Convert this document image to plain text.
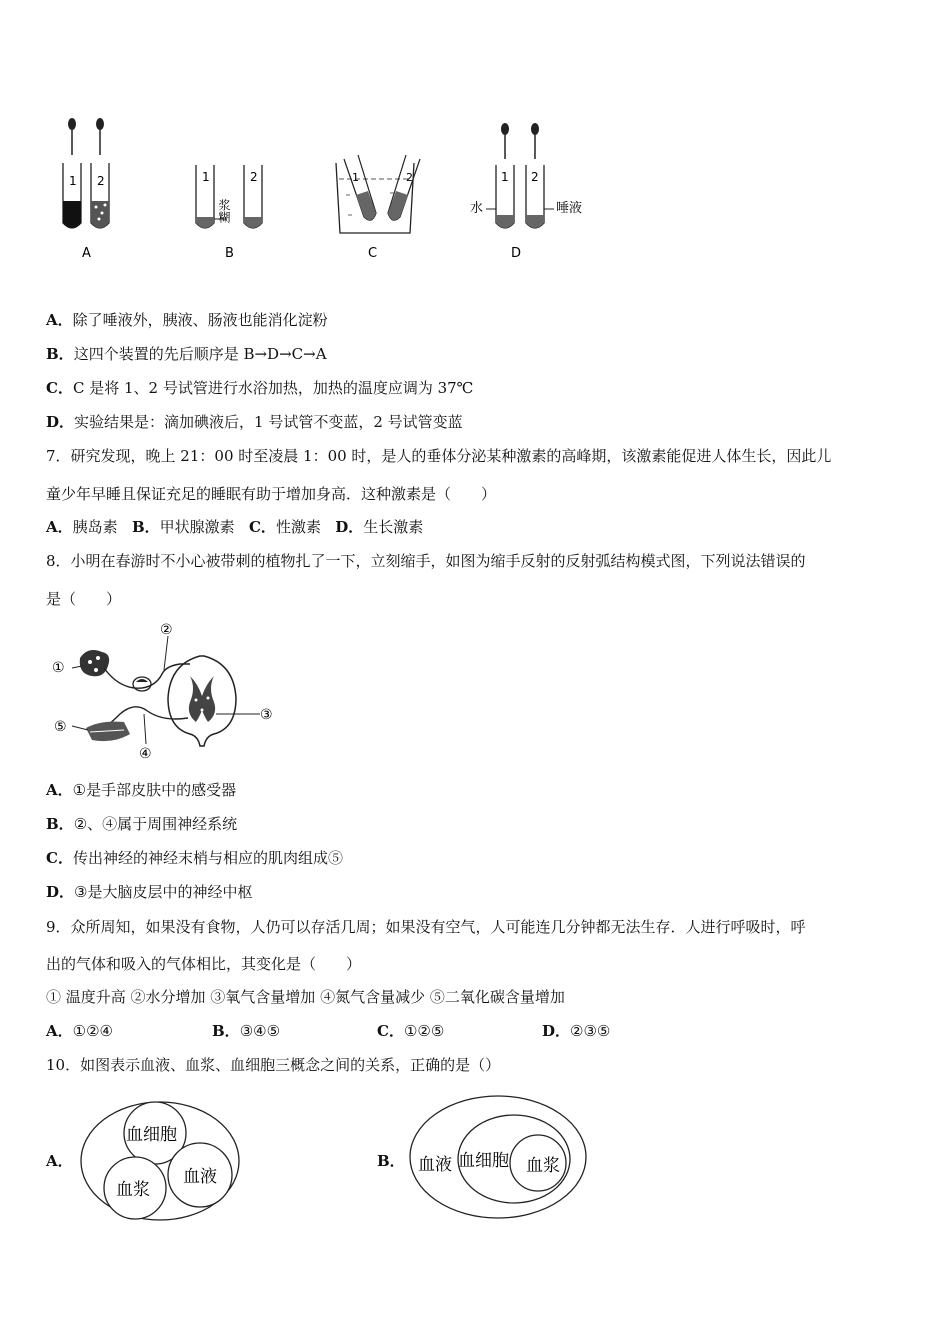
1 2
A
1	2
浆糊
B
1	2
C
1 2
水	唾液
D
A．除了唾液外，胰液、肠液也能消化淀粉
B．这四个装置的先后顺序是 B→D→C→A
C．C 是将 1、2 号试管进行水浴加热，加热的温度应调为 37℃
D．实验结果是：滴加碘液后，1 号试管不变蓝，2 号试管变蓝
7．研究发现，晚上 21：00 时至凌晨 1：00 时，是人的垂体分泌某种激素的高峰期，该激素能促进人体生长，因此儿
童少年早睡且保证充足的睡眠有助于增加身高．这种激素是（　　）
A．胰岛素 B．甲状腺激素 C．性激素 D．生长激素
8．小明在春游时不小心被带刺的植物扎了一下，立刻缩手，如图为缩手反射的反射弧结构模式图，下列说法错误的
是（　　）
①
②
③
④
⑤
A．①是手部皮肤中的感受器
B．②、④属于周围神经系统
C．传出神经的神经末梢与相应的肌肉组成⑤
D．③是大脑皮层中的神经中枢
9．众所周知，如果没有食物，人仍可以存活几周；如果没有空气，人可能连几分钟都无法生存．人进行呼吸时，呼
出的气体和吸入的气体相比，其变化是（　　）
① 温度升高 ②水分增加 ③氧气含量增加 ④氮气含量减少 ⑤二氧化碳含量增加
A．①②④	B．③④⑤	C．①②⑤	D．②③⑤
10．如图表示血液、血浆、血细胞三概念之间的关系，正确的是（）
A．
血细胞
血浆
血液
B． 血液 血细胞 血浆
